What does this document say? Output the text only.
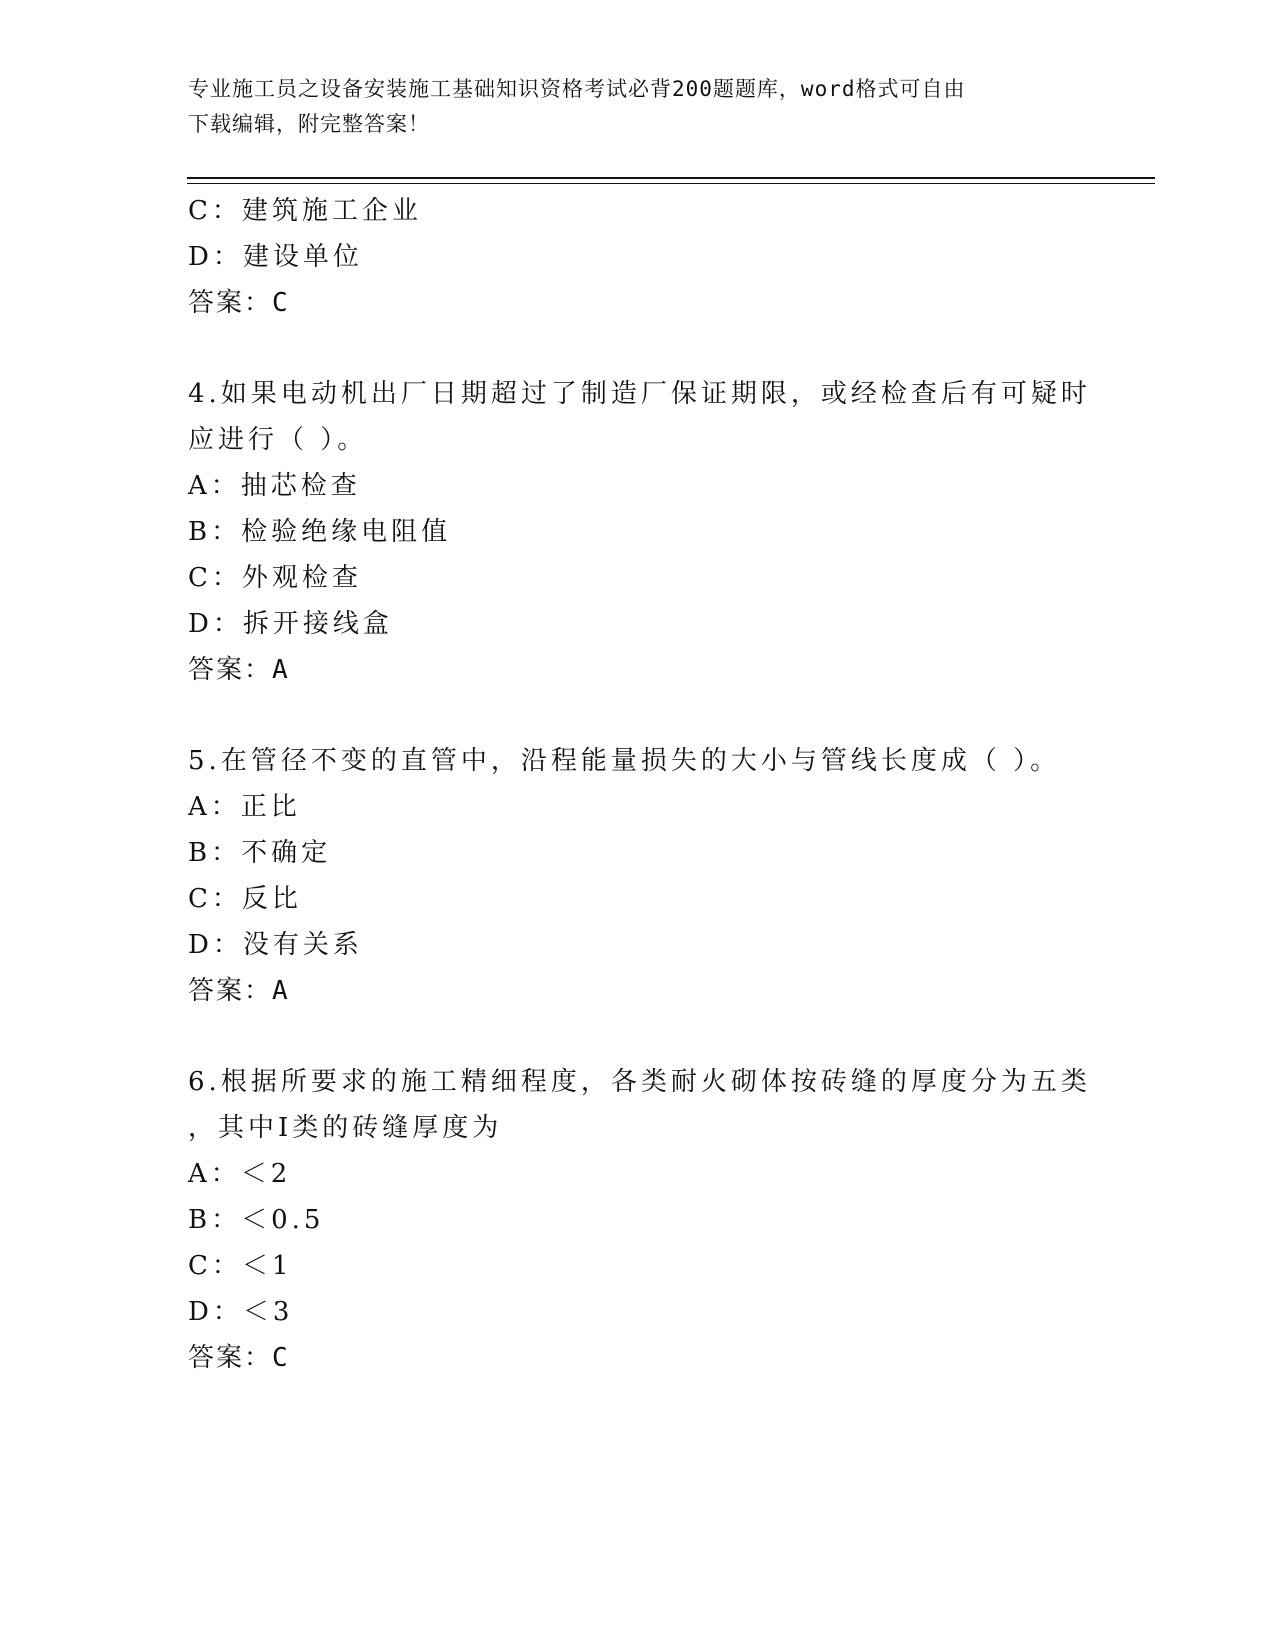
专业施工员之设备安装施工基础知识资格考试必背200题题库，word格式可自由
下载编辑，附完整答案！
C：建筑施工企业
D：建设单位
答案：C
4.如果电动机出厂日期超过了制造厂保证期限，或经检查后有可疑时
应进行（ ）。
A：抽芯检查
B：检验绝缘电阻值
C：外观检查
D：拆开接线盒
答案：A
5.在管径不变的直管中，沿程能量损失的大小与管线长度成（ ）。
A：正比
B：不确定
C：反比
D：没有关系
答案：A
6.根据所要求的施工精细程度，各类耐火砌体按砖缝的厚度分为五类
，其中Ⅰ类的砖缝厚度为
A：＜2
B：＜0.5
C：＜1
D：＜3
答案：C
